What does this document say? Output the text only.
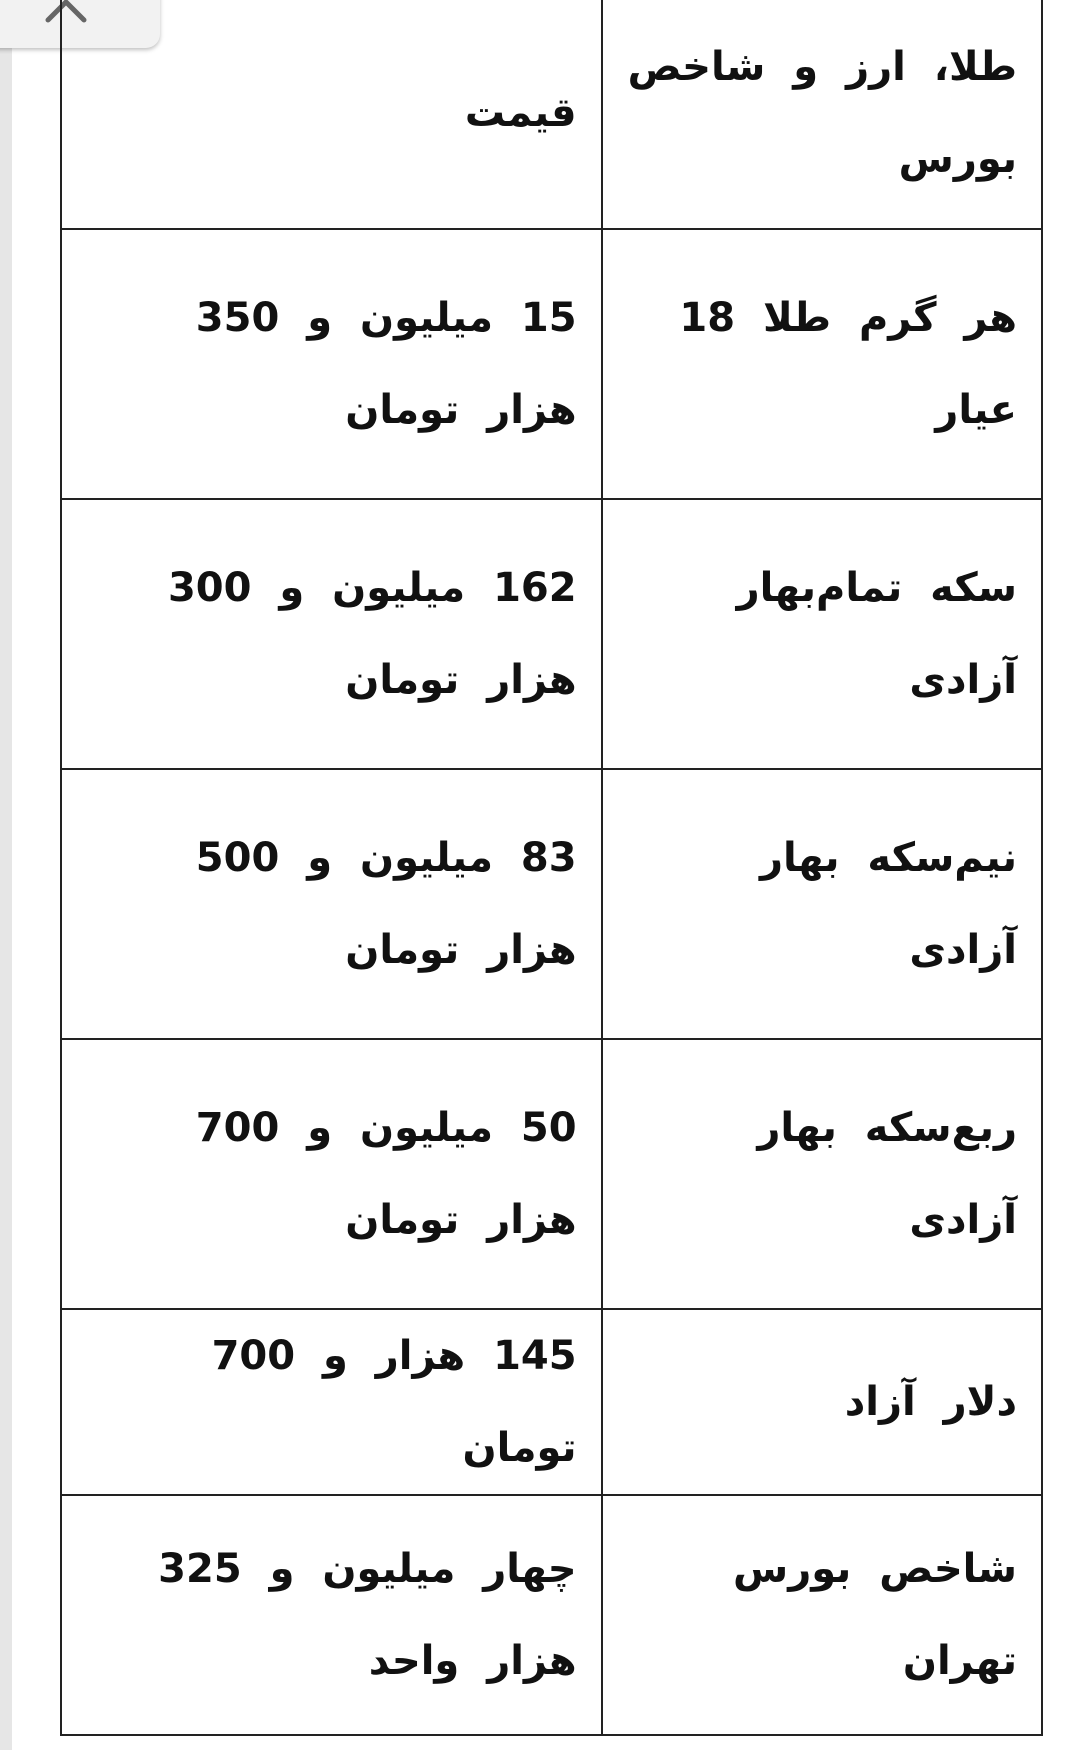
طلا، ارز و شاخص بورس	قیمت

هر گرم طلا 18 عیار	15 میلیون و 350 هزار تومان

سکه تمام‌بهار آزادی	162 میلیون و 300 هزار تومان

نیم‌سکه بهار آزادی	83 میلیون و 500 هزار تومان

ربع‌سکه بهار آزادی	50 میلیون و 700 هزار تومان

دلار آزاد	145 هزار و 700 تومان

شاخص بورس تهران	چهار میلیون و 325 هزار واحد
